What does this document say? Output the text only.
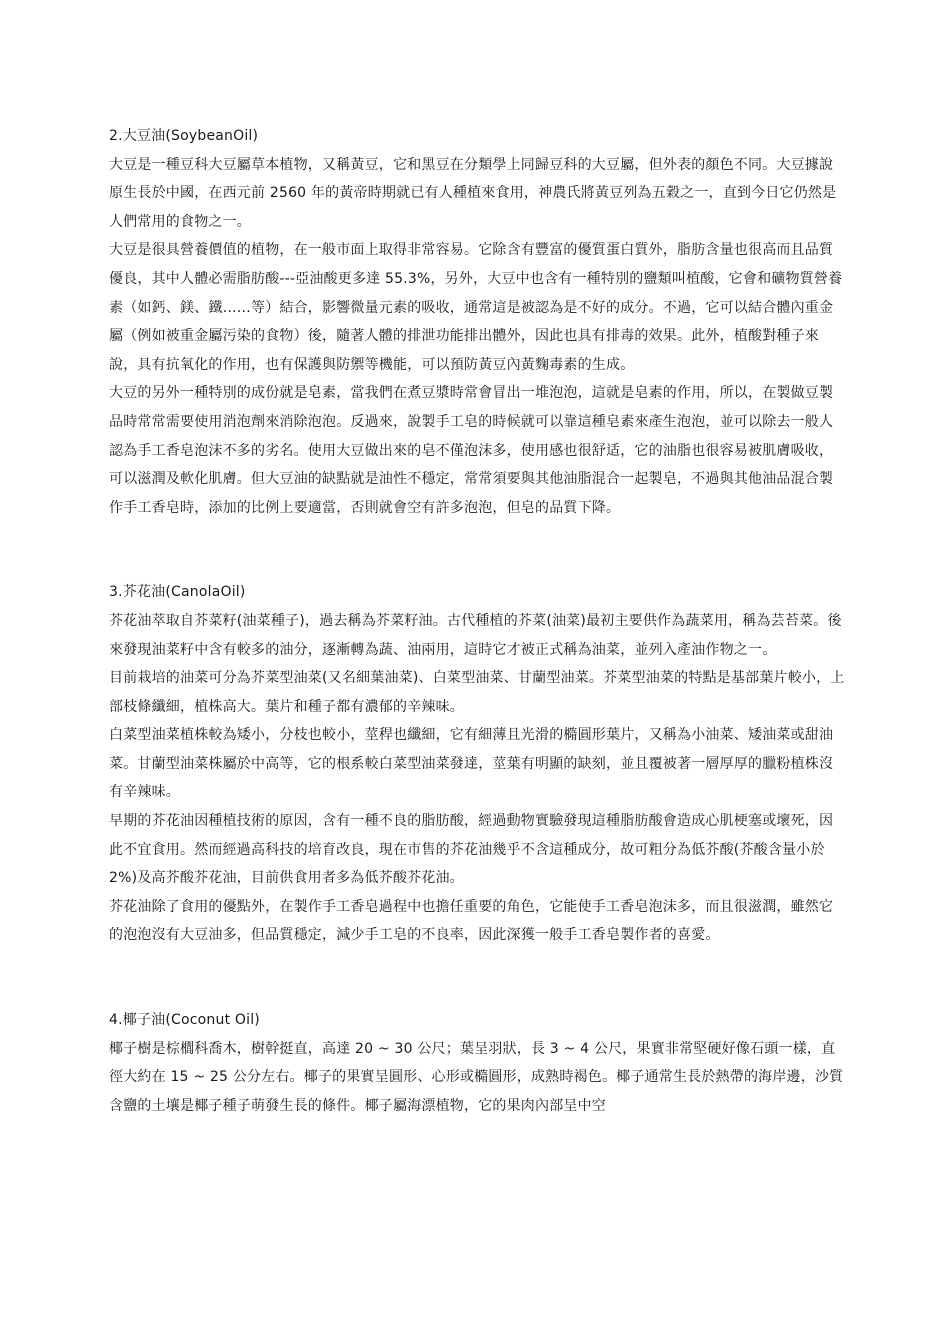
2.大豆油(SoybeanOil)

大豆是一種豆科大豆屬草本植物，又稱黃豆，它和黑豆在分類學上同歸豆科的大豆屬，但外表的顏色不同。大豆據說原生長於中國，在西元前 2560 年的黃帝時期就已有人種植來食用，神農氏將黃豆列為五穀之一，直到今日它仍然是人們常用的食物之一。

大豆是很具營養價值的植物，在一般市面上取得非常容易。它除含有豐富的優質蛋白質外，脂肪含量也很高而且品質優良，其中人體必需脂肪酸---亞油酸更多達 55.3%，另外，大豆中也含有一種特別的鹽類叫植酸，它會和礦物質營養素（如鈣、鎂、鐵……等）結合，影響微量元素的吸收，通常這是被認為是不好的成分。不過，它可以結合體內重金屬（例如被重金屬污染的食物）後，隨著人體的排泄功能排出體外，因此也具有排毒的效果。此外，植酸對種子來說，具有抗氧化的作用，也有保護與防禦等機能，可以預防黃豆內黃麴毒素的生成。

大豆的另外一種特別的成份就是皂素，當我們在煮豆漿時常會冒出一堆泡泡，這就是皂素的作用，所以，在製做豆製品時常常需要使用消泡劑來消除泡泡。反過來，說製手工皂的時候就可以靠這種皂素來產生泡泡，並可以除去一般人認為手工香皂泡沫不多的劣名。使用大豆做出來的皂不僅泡沫多，使用感也很舒适，它的油脂也很容易被肌膚吸收，可以滋潤及軟化肌膚。但大豆油的缺點就是油性不穩定，常常須要與其他油脂混合一起製皂，不過與其他油品混合製作手工香皂時，添加的比例上要適當，否則就會空有許多泡泡，但皂的品質下降。

3.芥花油(CanolaOil)

芥花油萃取自芥菜籽(油菜種子)，過去稱為芥菜籽油。古代種植的芥菜(油菜)最初主要供作為蔬菜用，稱為芸苔菜。後來發現油菜籽中含有較多的油分，逐漸轉為蔬、油兩用，這時它才被正式稱為油菜，並列入產油作物之一。

目前栽培的油菜可分為芥菜型油菜(又名細葉油菜)、白菜型油菜、甘蘭型油菜。芥菜型油菜的特點是基部葉片較小，上部枝條纖細，植株高大。葉片和種子都有濃郁的辛辣味。

白菜型油菜植株較為矮小，分枝也較小，莖稈也纖細，它有細薄且光滑的橢圓形葉片，又稱為小油菜、矮油菜或甜油菜。甘蘭型油菜株屬於中高等，它的根系較白菜型油菜發達，莖葉有明顯的缺刻，並且覆被著一層厚厚的臘粉植株沒有辛辣味。

早期的芥花油因種植技術的原因，含有一種不良的脂肪酸，經過動物實驗發現這種脂肪酸會造成心肌梗塞或壞死，因此不宜食用。然而經過高科技的培育改良，現在市售的芥花油幾乎不含這種成分，故可粗分為低芥酸(芥酸含量小於 2%)及高芥酸芥花油，目前供食用者多為低芥酸芥花油。

芥花油除了食用的優點外，在製作手工香皂過程中也擔任重要的角色，它能使手工香皂泡沫多，而且很滋潤，雖然它的泡泡沒有大豆油多，但品質穩定，減少手工皂的不良率，因此深獲一般手工香皂製作者的喜愛。

4.椰子油(Coconut Oil)

椰子樹是棕櫚科喬木，樹幹挺直，高達 20 ~ 30 公尺；葉呈羽狀，長 3 ~ 4 公尺，果實非常堅硬好像石頭一樣，直徑大約在 15 ~ 25 公分左右。椰子的果實呈圓形、心形或橢圓形，成熟時褐色。椰子通常生長於熱帶的海岸邊，沙質含鹽的土壤是椰子種子萌發生長的條件。椰子屬海漂植物，它的果肉內部呈中空
